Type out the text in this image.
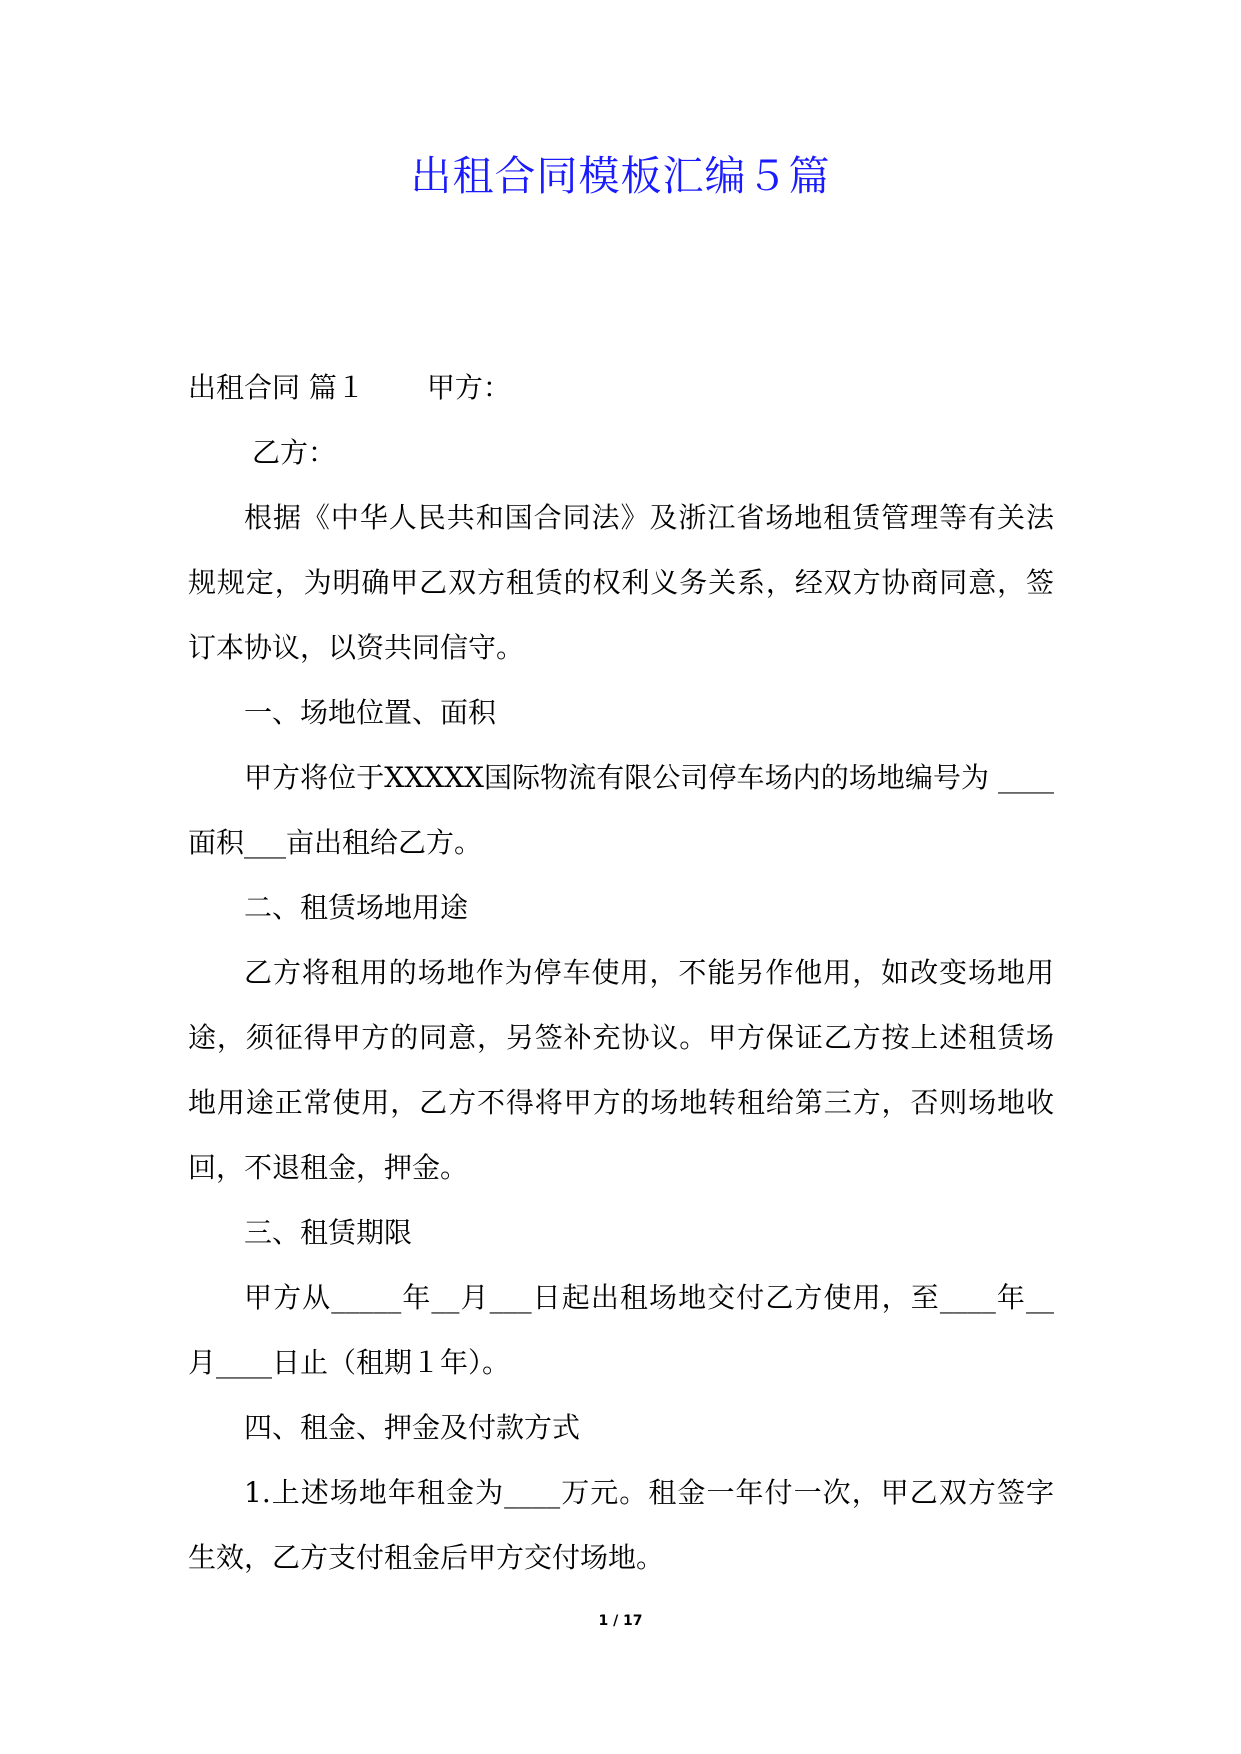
出租合同模板汇编５篇

出租合同 篇１ 甲方：

乙方：

根据《中华人民共和国合同法》及浙江省场地租赁管理等有关法规规定，为明确甲乙双方租赁的权利义务关系，经双方协商同意，签订本协议，以资共同信守。

一、场地位置、面积

甲方将位于XXXXX国际物流有限公司停车场内的场地编号为 ____面积___亩出租给乙方。

二、租赁场地用途

乙方将租用的场地作为停车使用，不能另作他用，如改变场地用途，须征得甲方的同意，另签补充协议。甲方保证乙方按上述租赁场地用途正常使用，乙方不得将甲方的场地转租给第三方，否则场地收回，不退租金，押金。

三、租赁期限

甲方从_____年__月___日起出租场地交付乙方使用，至____年__月____日止（租期１年）。

四、租金、押金及付款方式

1.上述场地年租金为____万元。租金一年付一次，甲乙双方签字生效，乙方支付租金后甲方交付场地。

1 / 17
